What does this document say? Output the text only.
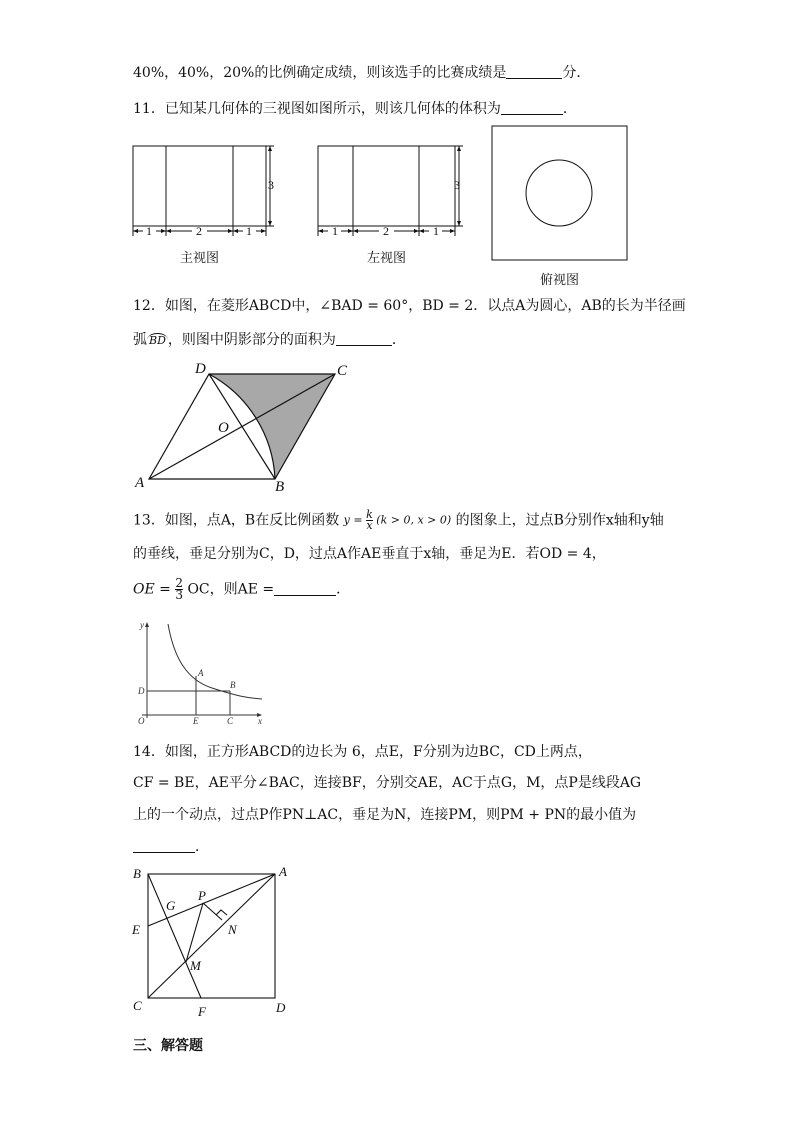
40%，40%，20%的比例确定成绩，则该选手的比赛成绩是	分．
11．已知某几何体的三视图如图所示，则该几何体的体积为	．
1	2	1
3
1	2	1
3
主视图	左视图
俯视图
12．如图，在菱形ABCD中，∠BAD = 60°，BD = 2．以点A为圆心，AB的长为半径画
弧 BD ，则图中阴影部分的面积为	．
A	B
C
D
O
13．如图，点A，B在反比例函数 $y = \frac{k}{x} (k > 0$, x > 0) 的图象上，过点B分别作x轴和y轴
的垂线，垂足分别为C，D，过点A作AE垂直于x轴，垂足为E．若OD = 4，
OE = $\frac{2}{3}$ OC，则AE =	．
y
x
O
A
B
D
E	C
14．如图，正方形ABCD的边长为 6，点E，F分别为边BC，CD上两点，
CF = BE，AE平分∠BAC，连接BF，分别交AE，AC于点G，M，点P是线段AG
上的一个动点，过点P作PN⊥AC，垂足为N，连接PM，则PM + PN的最小值为
．
A
B
C	D
E
F
G
M
N
P
三、解答题
